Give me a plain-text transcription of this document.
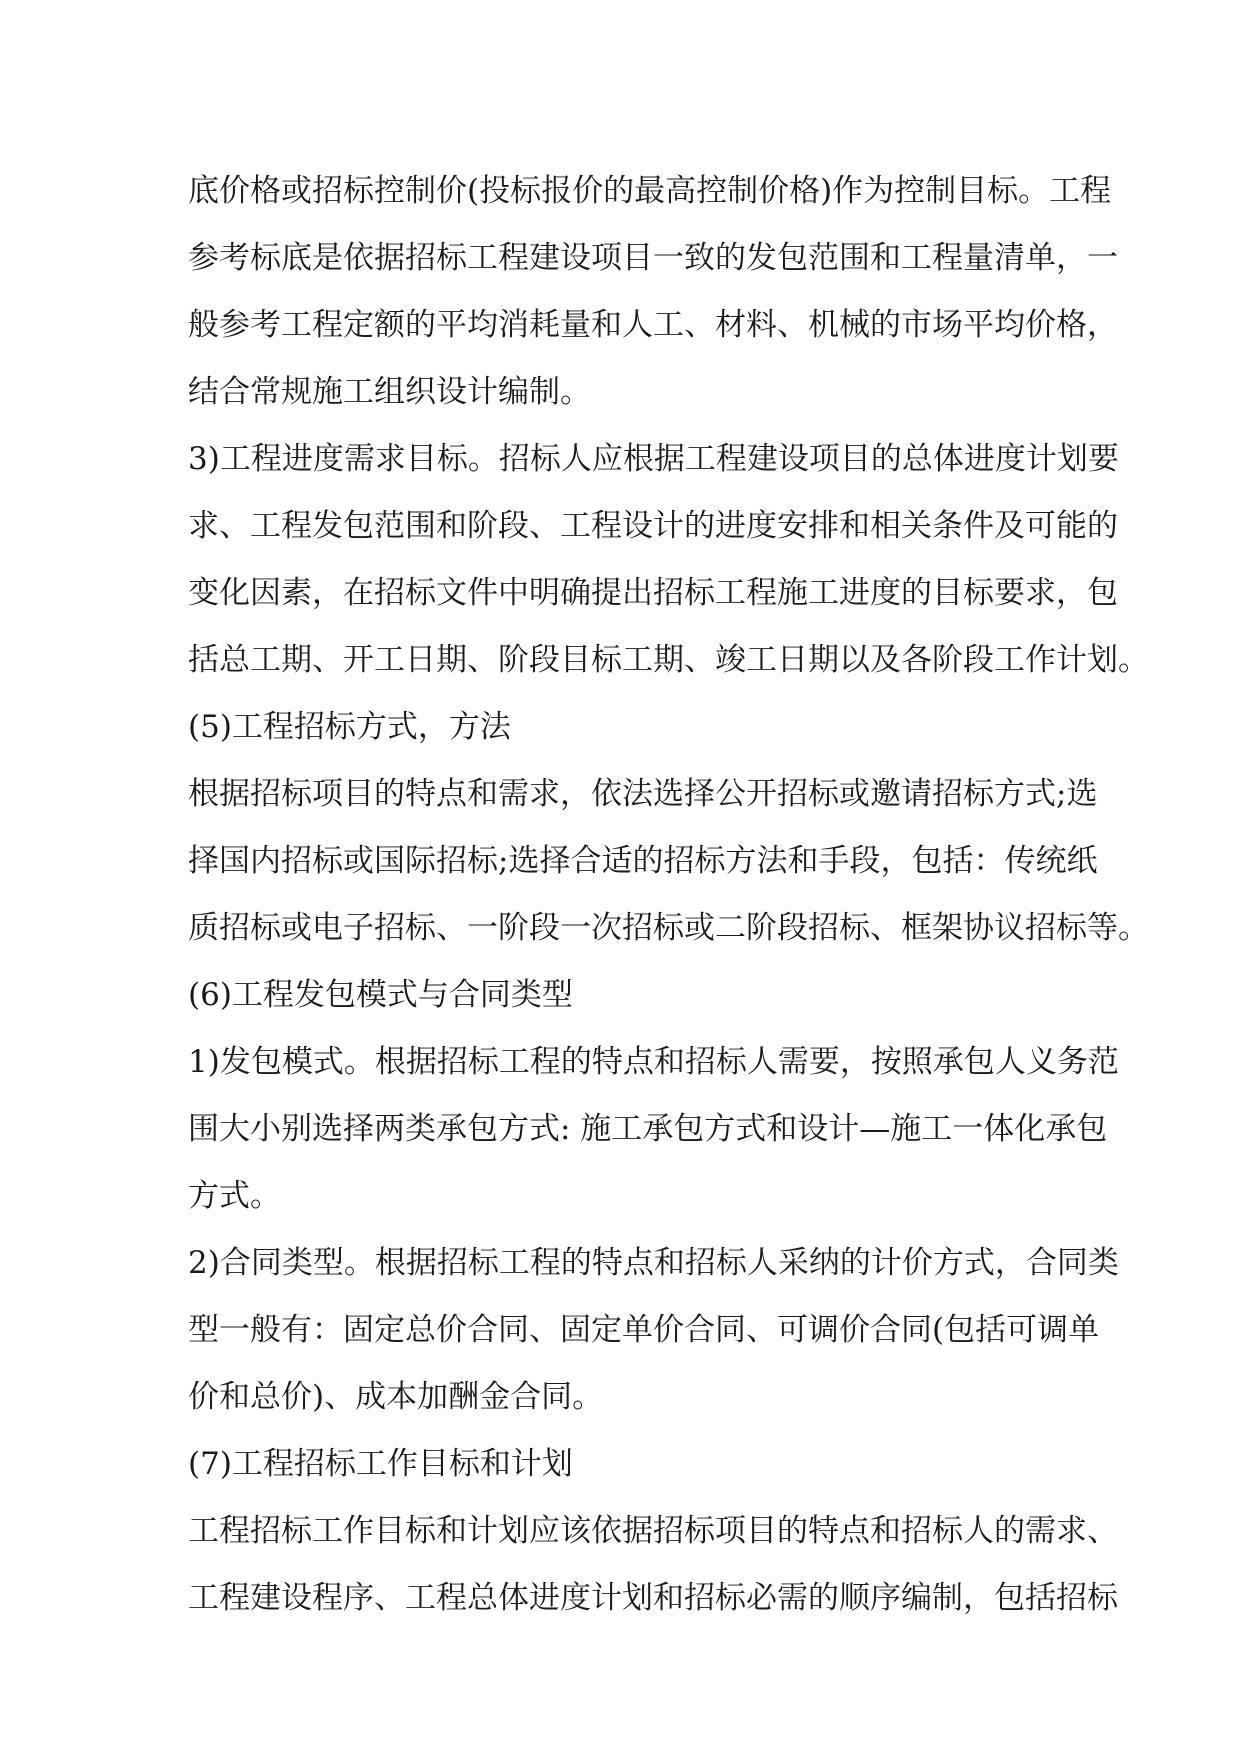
底价格或招标控制价(投标报价的最高控制价格)作为控制目标。工程
参考标底是依据招标工程建设项目一致的发包范围和工程量清单，一
般参考工程定额的平均消耗量和人工、材料、机械的市场平均价格，
结合常规施工组织设计编制。
3)工程进度需求目标。招标人应根据工程建设项目的总体进度计划要
求、工程发包范围和阶段、工程设计的进度安排和相关条件及可能的
变化因素，在招标文件中明确提出招标工程施工进度的目标要求，包
括总工期、开工日期、阶段目标工期、竣工日期以及各阶段工作计划。
(5)工程招标方式，方法
根据招标项目的特点和需求，依法选择公开招标或邀请招标方式;选
择国内招标或国际招标;选择合适的招标方法和手段，包括：传统纸
质招标或电子招标、一阶段一次招标或二阶段招标、框架协议招标等。
(6)工程发包模式与合同类型
1)发包模式。根据招标工程的特点和招标人需要，按照承包人义务范
围大小别选择两类承包方式: 施工承包方式和设计—施工一体化承包
方式。
2)合同类型。根据招标工程的特点和招标人采纳的计价方式，合同类
型一般有：固定总价合同、固定单价合同、可调价合同(包括可调单
价和总价)、成本加酬金合同。
(7)工程招标工作目标和计划
工程招标工作目标和计划应该依据招标项目的特点和招标人的需求、
工程建设程序、工程总体进度计划和招标必需的顺序编制，包括招标
